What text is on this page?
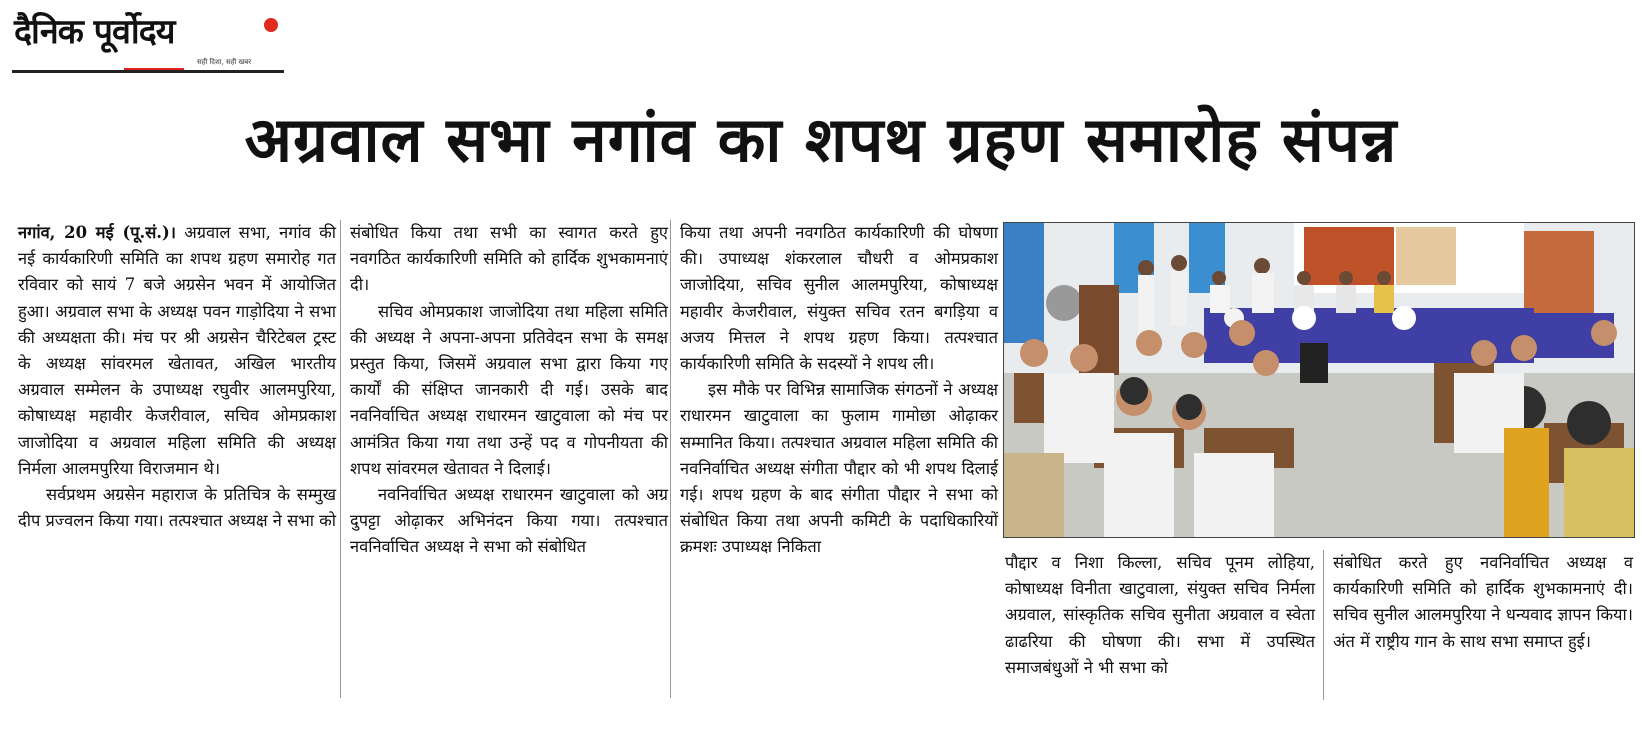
दैनिक पूर्वोदय
सही दिशा, सही खबर
अग्रवाल सभा नगांव का शपथ ग्रहण समारोह संपन्न

नगांव, 20 मई (पू.सं.)। अग्रवाल सभा, नगांव की नई कार्यकारिणी समिति का शपथ ग्रहण समारोह गत रविवार को सायं 7 बजे अग्रसेन भवन में आयोजित हुआ। अग्रवाल सभा के अध्यक्ष पवन गाड़ोदिया ने सभा की अध्यक्षता की। मंच पर श्री अग्रसेन चैरिटेबल ट्रस्ट के अध्यक्ष सांवरमल खेतावत, अखिल भारतीय अग्रवाल सम्मेलन के उपाध्यक्ष रघुवीर आलमपुरिया, कोषाध्यक्ष महावीर केजरीवाल, सचिव ओमप्रकाश जाजोदिया व अग्रवाल महिला समिति की अध्यक्ष निर्मला आलमपुरिया विराजमान थे।

सर्वप्रथम अग्रसेन महाराज के प्रतिचित्र के सम्मुख दीप प्रज्वलन किया गया। तत्पश्चात अध्यक्ष ने सभा को

संबोधित किया तथा सभी का स्वागत करते हुए नवगठित कार्यकारिणी समिति को हार्दिक शुभकामनाएं दी।

सचिव ओमप्रकाश जाजोदिया तथा महिला समिति की अध्यक्ष ने अपना-अपना प्रतिवेदन सभा के समक्ष प्रस्तुत किया, जिसमें अग्रवाल सभा द्वारा किया गए कार्यों की संक्षिप्त जानकारी दी गई। उसके बाद नवनिर्वाचित अध्यक्ष राधारमन खाटुवाला को मंच पर आमंत्रित किया गया तथा उन्हें पद व गोपनीयता की शपथ सांवरमल खेतावत ने दिलाई।

नवनिर्वाचित अध्यक्ष राधारमन खाटुवाला को अग्र दुपट्टा ओढ़ाकर अभिनंदन किया गया। तत्पश्चात नवनिर्वाचित अध्यक्ष ने सभा को संबोधित

किया तथा अपनी नवगठित कार्यकारिणी की घोषणा की। उपाध्यक्ष शंकरलाल चौधरी व ओमप्रकाश जाजोदिया, सचिव सुनील आलमपुरिया, कोषाध्यक्ष महावीर केजरीवाल, संयुक्त सचिव रतन बगड़िया व अजय मित्तल ने शपथ ग्रहण किया। तत्पश्चात कार्यकारिणी समिति के सदस्यों ने शपथ ली।

इस मौके पर विभिन्न सामाजिक संगठनों ने अध्यक्ष राधारमन खाटुवाला का फुलाम गामोछा ओढ़ाकर सम्मानित किया। तत्पश्चात अग्रवाल महिला समिति की नवनिर्वाचित अध्यक्ष संगीता पौद्दार को भी शपथ दिलाई गई। शपथ ग्रहण के बाद संगीता पौद्दार ने सभा को संबोधित किया तथा अपनी कमिटी के पदाधिकारियों क्रमशः उपाध्यक्ष निकिता

पौद्दार व निशा किल्ला, सचिव पूनम लोहिया, कोषाध्यक्ष विनीता खाटुवाला, संयुक्त सचिव निर्मला अग्रवाल, सांस्कृतिक सचिव सुनीता अग्रवाल व स्वेता ढाढरिया की घोषणा की। सभा में उपस्थित समाजबंधुओं ने भी सभा को

संबोधित करते हुए नवनिर्वाचित अध्यक्ष व कार्यकारिणी समिति को हार्दिक शुभकामनाएं दी। सचिव सुनील आलमपुरिया ने धन्यवाद ज्ञापन किया। अंत में राष्ट्रीय गान के साथ सभा समाप्त हुई।
